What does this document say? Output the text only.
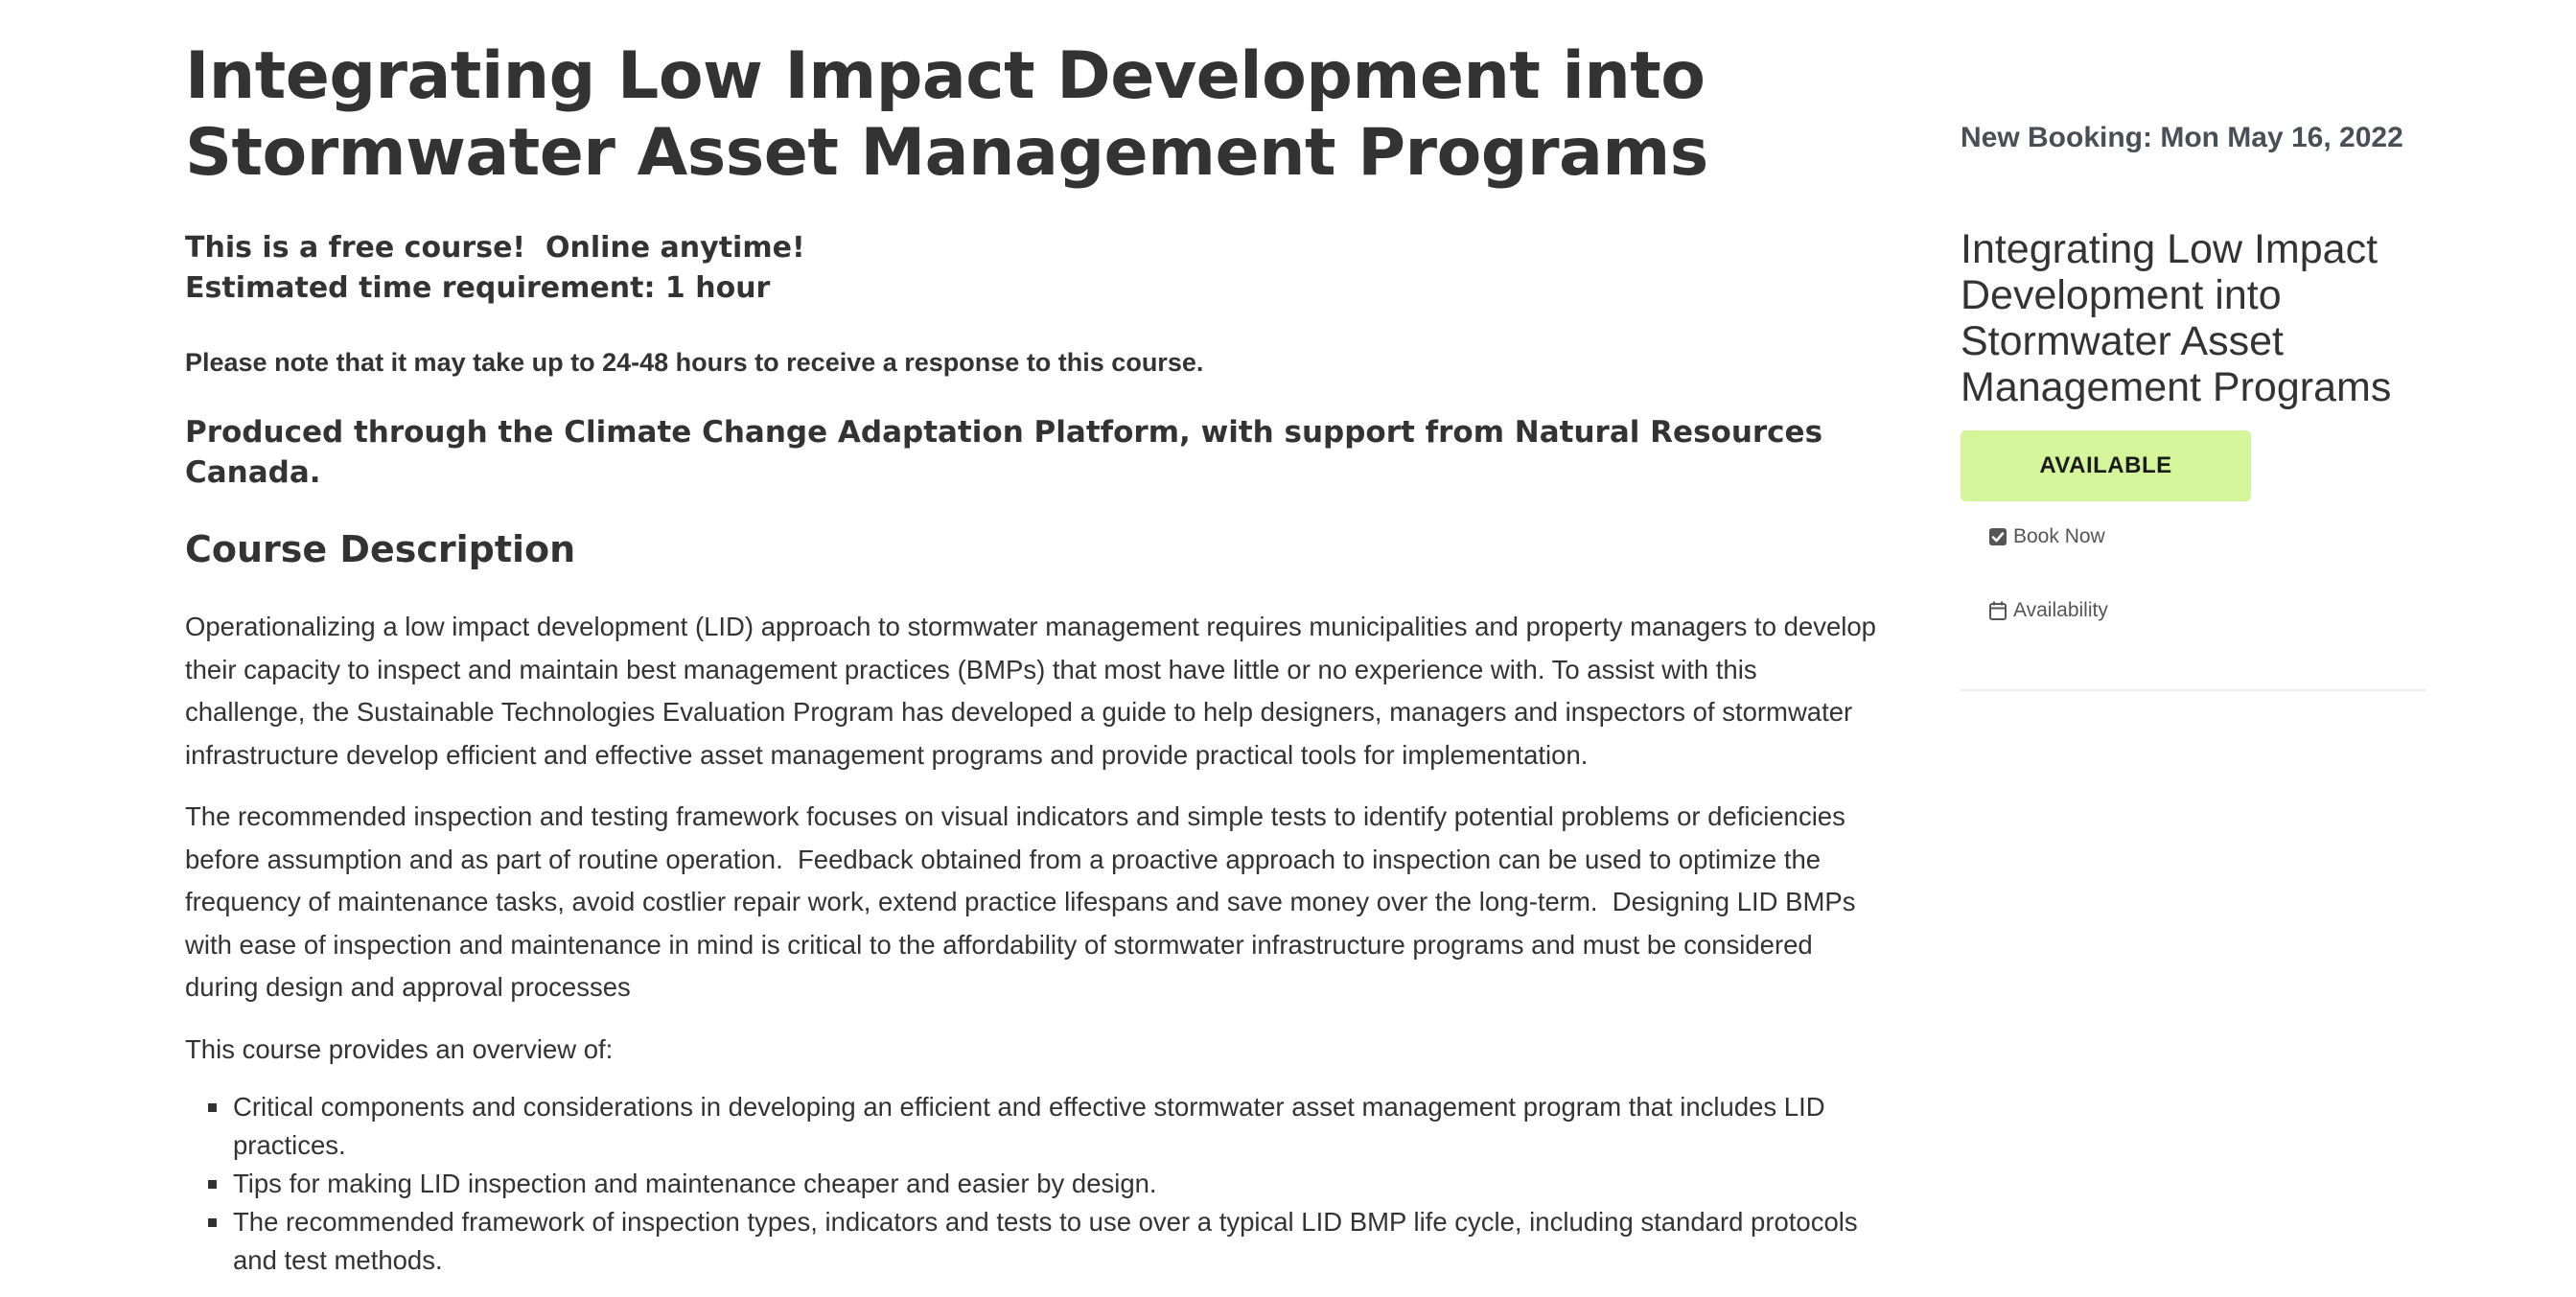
Integrating Low Impact Development into
Stormwater Asset Management Programs

This is a free course!  Online anytime!

Estimated time requirement: 1 hour

Please note that it may take up to 24-48 hours to receive a response to this course.
Produced through the Climate Change Adaptation Platform, with support from Natural Resources Canada.
Course Description

Operationalizing a low impact development (LID) approach to stormwater management requires municipalities and property managers to develop their capacity to inspect and maintain best management practices (BMPs) that most have little or no experience with. To assist with this challenge, the Sustainable Technologies Evaluation Program has developed a guide to help designers, managers and inspectors of stormwater infrastructure develop efficient and effective asset management programs and provide practical tools for implementation.

The recommended inspection and testing framework focuses on visual indicators and simple tests to identify potential problems or deficiencies before assumption and as part of routine operation.  Feedback obtained from a proactive approach to inspection can be used to optimize the frequency of maintenance tasks, avoid costlier repair work, extend practice lifespans and save money over the long-term.  Designing LID BMPs with ease of inspection and maintenance in mind is critical to the affordability of stormwater infrastructure programs and must be considered during design and approval processes

This course provides an overview of:

Critical components and considerations in developing an efficient and effective stormwater asset management program that includes LID practices.
Tips for making LID inspection and maintenance cheaper and easier by design.
The recommended framework of inspection types, indicators and tests to use over a typical LID BMP life cycle, including standard protocols and test methods.
New Booking: Mon May 16, 2022
Integrating Low Impact Development into Stormwater Asset Management Programs
AVAILABLE
Book Now
Availability
